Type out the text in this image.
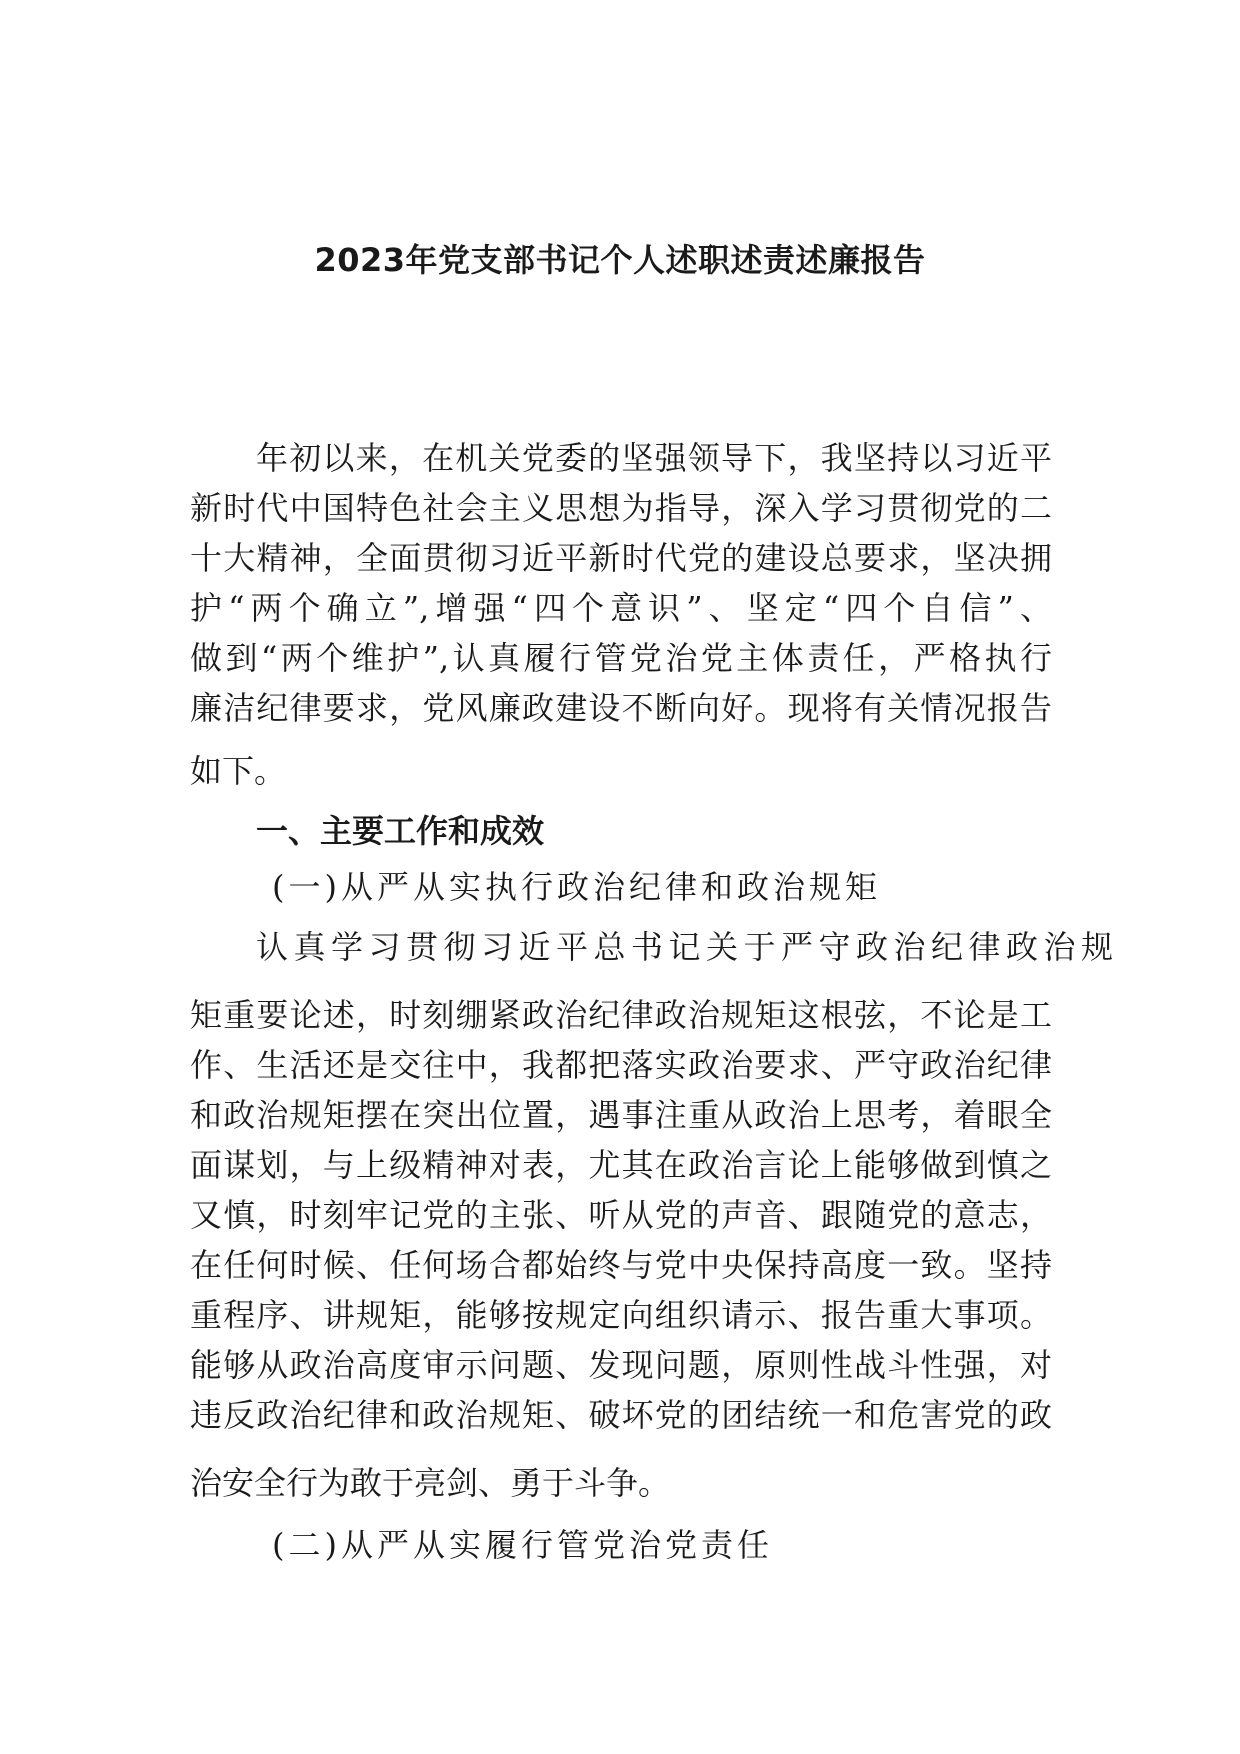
2023年党支部书记个人述职述责述廉报告
年初以来，在机关党委的坚强领导下，我坚持以习近平
新时代中国特色社会主义思想为指导，深入学习贯彻党的二
十大精神，全面贯彻习近平新时代党的建设总要求，坚决拥
护“两个确立”,增强“四个意识”、坚定“四个自信”、
做到“两个维护”,认真履行管党治党主体责任，严格执行
廉洁纪律要求，党风廉政建设不断向好。现将有关情况报告
如下。
一、主要工作和成效
(一)从严从实执行政治纪律和政治规矩
认真学习贯彻习近平总书记关于严守政治纪律政治规
矩重要论述，时刻绷紧政治纪律政治规矩这根弦，不论是工
作、生活还是交往中，我都把落实政治要求、严守政治纪律
和政治规矩摆在突出位置，遇事注重从政治上思考，着眼全
面谋划，与上级精神对表，尤其在政治言论上能够做到慎之
又慎，时刻牢记党的主张、听从党的声音、跟随党的意志，
在任何时候、任何场合都始终与党中央保持高度一致。坚持
重程序、讲规矩，能够按规定向组织请示、报告重大事项。
能够从政治高度审示问题、发现问题，原则性战斗性强，对
违反政治纪律和政治规矩、破坏党的团结统一和危害党的政
治安全行为敢于亮剑、勇于斗争。
(二)从严从实履行管党治党责任
